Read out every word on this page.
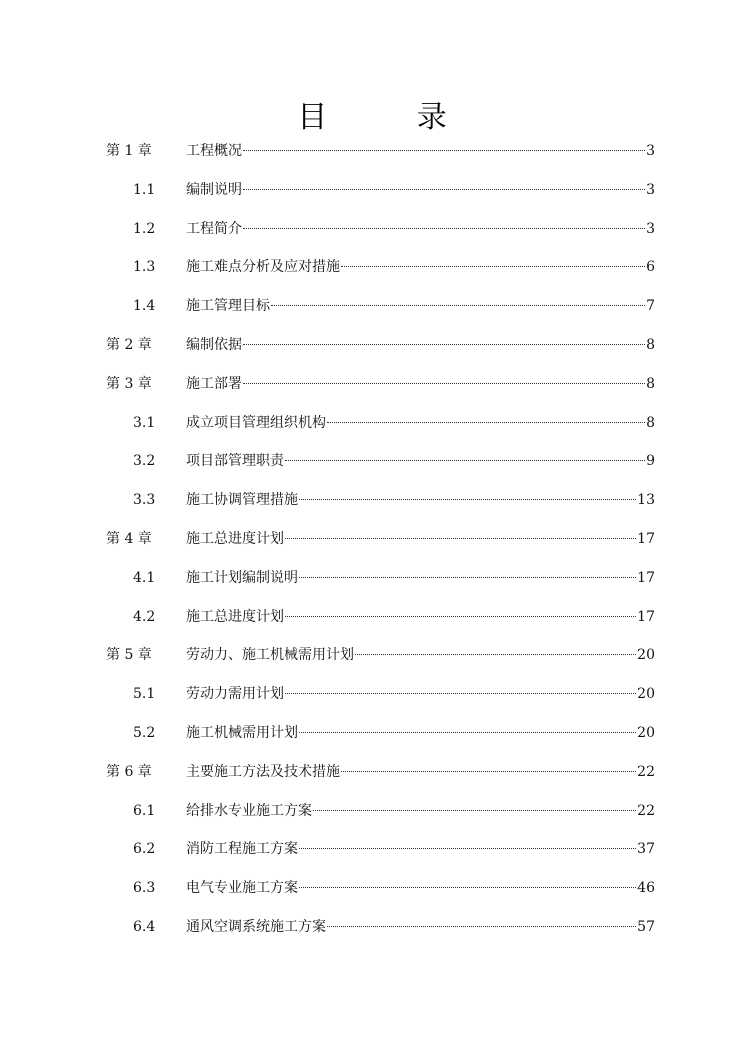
目 录
第 1 章 工程概况	3
1.1 编制说明	3
1.2 工程简介	3
1.3 施工难点分析及应对措施	6
1.4 施工管理目标	7
第 2 章 编制依据	8
第 3 章 施工部署	8
3.1 成立项目管理组织机构	8
3.2 项目部管理职责	9
3.3 施工协调管理措施	13
第 4 章 施工总进度计划	17
4.1 施工计划编制说明	17
4.2 施工总进度计划	17
第 5 章 劳动力、施工机械需用计划	20
5.1 劳动力需用计划	20
5.2 施工机械需用计划	20
第 6 章 主要施工方法及技术措施	22
6.1 给排水专业施工方案	22
6.2 消防工程施工方案	37
6.3 电气专业施工方案	46
6.4 通风空调系统施工方案	57
